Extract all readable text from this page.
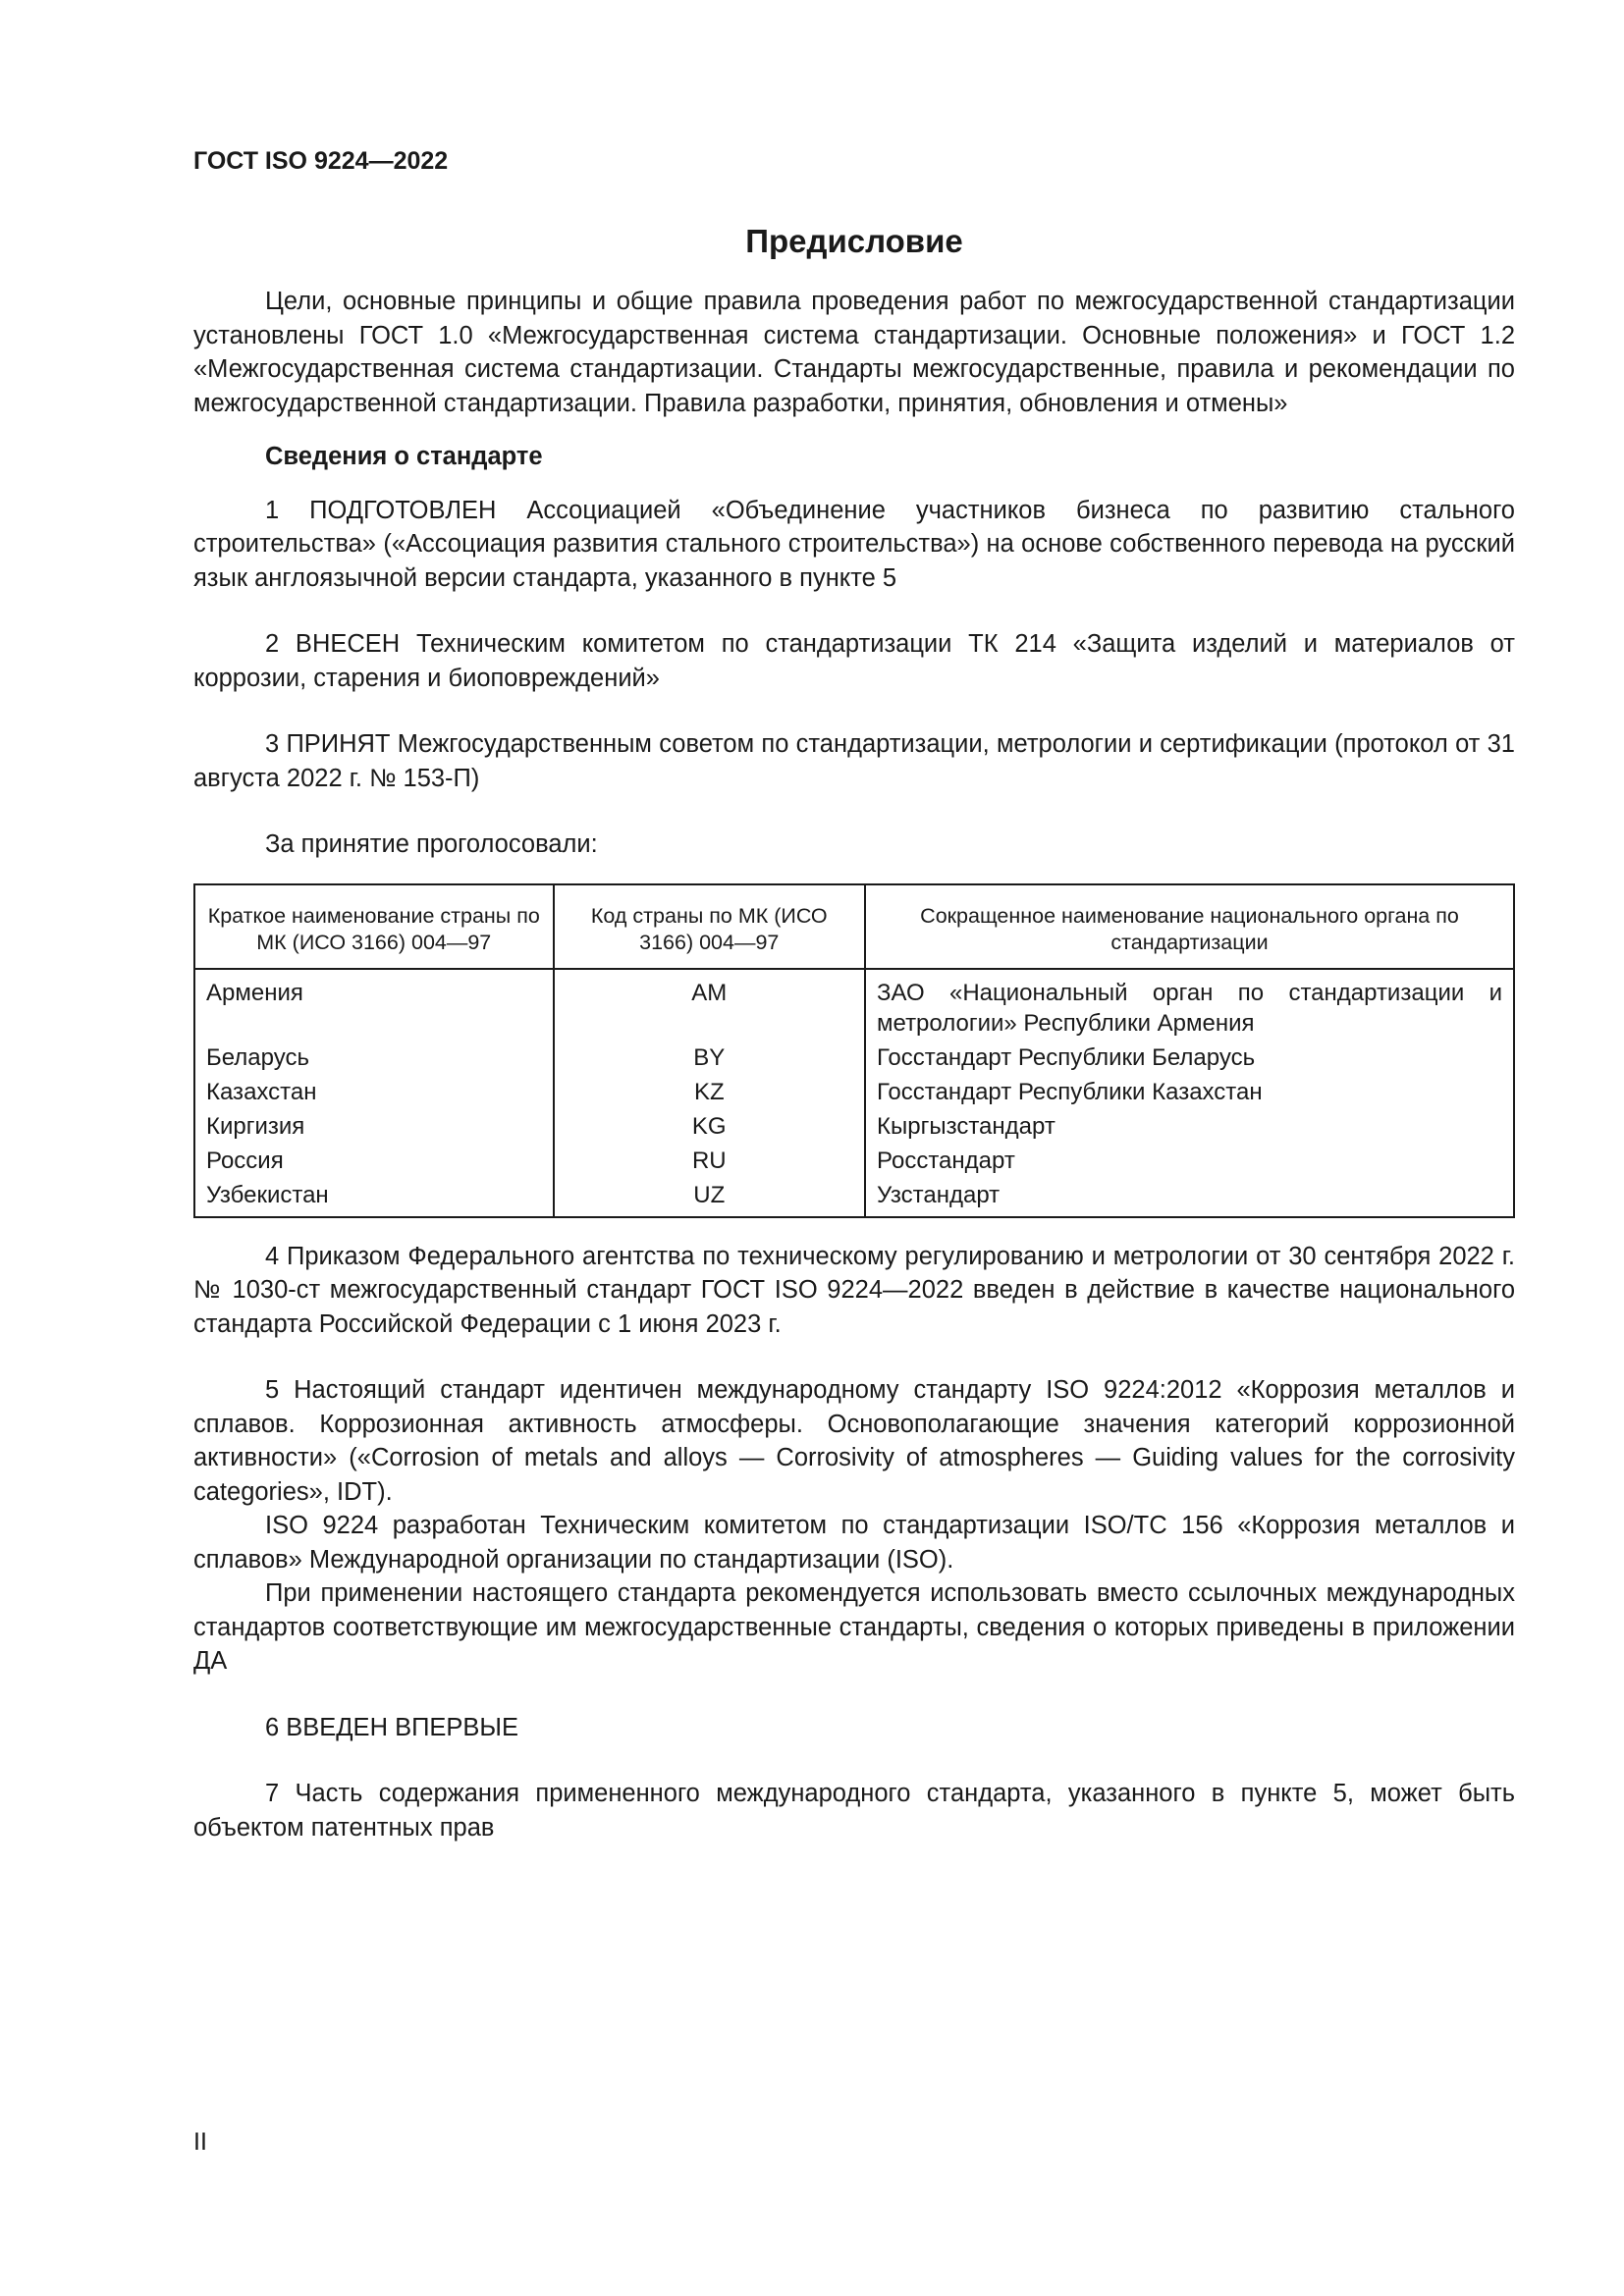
ГОСТ ISO 9224—2022
Предисловие

Цели, основные принципы и общие правила проведения работ по межгосударственной стандартизации установлены ГОСТ 1.0 «Межгосударственная система стандартизации. Основные положения» и ГОСТ 1.2 «Межгосударственная система стандартизации. Стандарты межгосударственные, правила и рекомендации по межгосударственной стандартизации. Правила разработки, принятия, обновления и отмены»

Сведения о стандарте

1 ПОДГОТОВЛЕН Ассоциацией «Объединение участников бизнеса по развитию стального строительства» («Ассоциация развития стального строительства») на основе собственного перевода на русский язык англоязычной версии стандарта, указанного в пункте 5

2 ВНЕСЕН Техническим комитетом по стандартизации ТК 214 «Защита изделий и материалов от коррозии, старения и биоповреждений»

3 ПРИНЯТ Межгосударственным советом по стандартизации, метрологии и сертификации (протокол от 31 августа 2022 г. № 153-П)

За принятие проголосовали:

Краткое наименование страны по МК (ИСО 3166) 004—97	Код страны по МК (ИСО 3166) 004—97	Сокращенное наименование национального органа по стандартизации
Армения	AM	ЗАО «Национальный орган по стандартизации и метрологии» Республики Армения
Беларусь	BY	Госстандарт Республики Беларусь
Казахстан	KZ	Госстандарт Республики Казахстан
Киргизия	KG	Кыргызстандарт
Россия	RU	Росстандарт
Узбекистан	UZ	Узстандарт

4 Приказом Федерального агентства по техническому регулированию и метрологии от 30 сентября 2022 г. № 1030-ст межгосударственный стандарт ГОСТ ISO 9224—2022 введен в действие в качестве национального стандарта Российской Федерации с 1 июня 2023 г.

5 Настоящий стандарт идентичен международному стандарту ISO 9224:2012 «Коррозия металлов и сплавов. Коррозионная активность атмосферы. Основополагающие значения категорий коррозионной активности» («Corrosion of metals and alloys — Corrosivity of atmospheres — Guiding values for the corrosivity categories», IDT).

ISO 9224 разработан Техническим комитетом по стандартизации ISO/TC 156 «Коррозия металлов и сплавов» Международной организации по стандартизации (ISO).

При применении настоящего стандарта рекомендуется использовать вместо ссылочных международных стандартов соответствующие им межгосударственные стандарты, сведения о которых приведены в приложении ДА

6 ВВЕДЕН ВПЕРВЫЕ

7 Часть содержания примененного международного стандарта, указанного в пункте 5, может быть объектом патентных прав

II
